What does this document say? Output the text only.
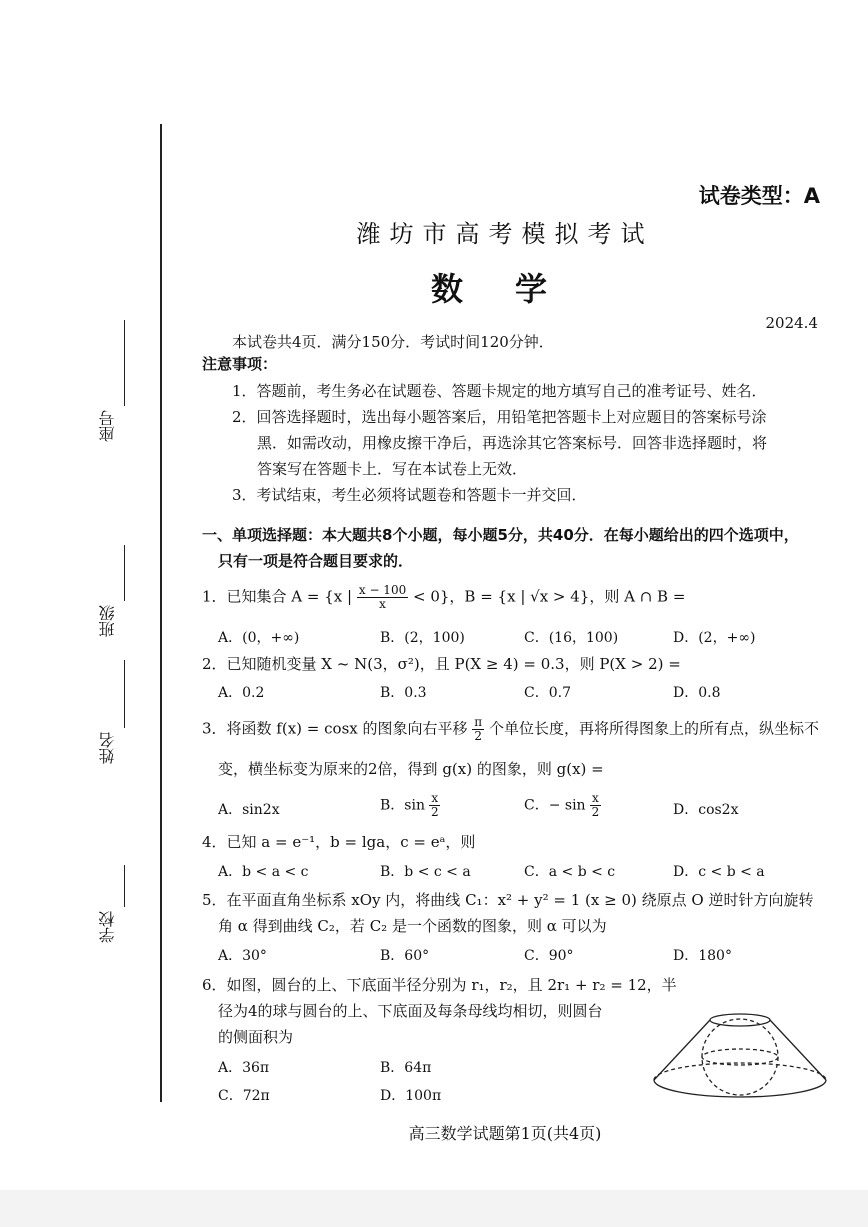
座号
班级
姓名
学校
试卷类型：A
潍坊市高考模拟考试
数学
2024.4
本试卷共4页．满分150分．考试时间120分钟．
注意事项：
1．答题前，考生务必在试题卷、答题卡规定的地方填写自己的准考证号、姓名．
2．回答选择题时，选出每小题答案后，用铅笔把答题卡上对应题目的答案标号涂
黑．如需改动，用橡皮擦干净后，再选涂其它答案标号．回答非选择题时，将
答案写在答题卡上．写在本试卷上无效．
3．考试结束，考生必须将试题卷和答题卡一并交回．
一、单项选择题：本大题共8个小题，每小题5分，共40分．在每小题给出的四个选项中，
只有一项是符合题目要求的．
1．已知集合 A = {x | $\frac{x - 100}{x} < 0$}，B = {x | √x > 4}，则 A ∩ B =
A．(0，+∞)	B．(2，100)	C．(16，100)	D．(2，+∞)
2．已知随机变量 X ~ N(3，σ²)，且 P(X ≥ 4) = 0.3，则 P(X > 2) =
A．0.2	B．0.3	C．0.7	D．0.8
3．将函数 f(x) = cosx 的图象向右平移 $\frac{\pi}{2}$ 个单位长度，再将所得图象上的所有点，纵坐标不
变，横坐标变为原来的2倍，得到 g(x) 的图象，则 g(x) =
A．sin2x	B．$\sin \frac{x}{2}$	C．− $\sin \frac{x}{2}$	D．cos2x
4．已知 a = e⁻¹，b = lga，c = eᵃ，则
A．b < a < c	B．b < c < a	C．a < b < c	D．c < b < a
5．在平面直角坐标系 xOy 内，将曲线 C₁：x² + y² = 1 (x ≥ 0) 绕原点 O 逆时针方向旋转
角 α 得到曲线 C₂，若 C₂ 是一个函数的图象，则 α 可以为
A．30°	B．60°	C．90°	D．180°
6．如图，圆台的上、下底面半径分别为 r₁，r₂，且 2r₁ + r₂ = 12，半
径为4的球与圆台的上、下底面及每条母线均相切，则圆台
的侧面积为
A．36π	B．64π
C．72π	D．100π
高三数学试题第1页(共4页)
